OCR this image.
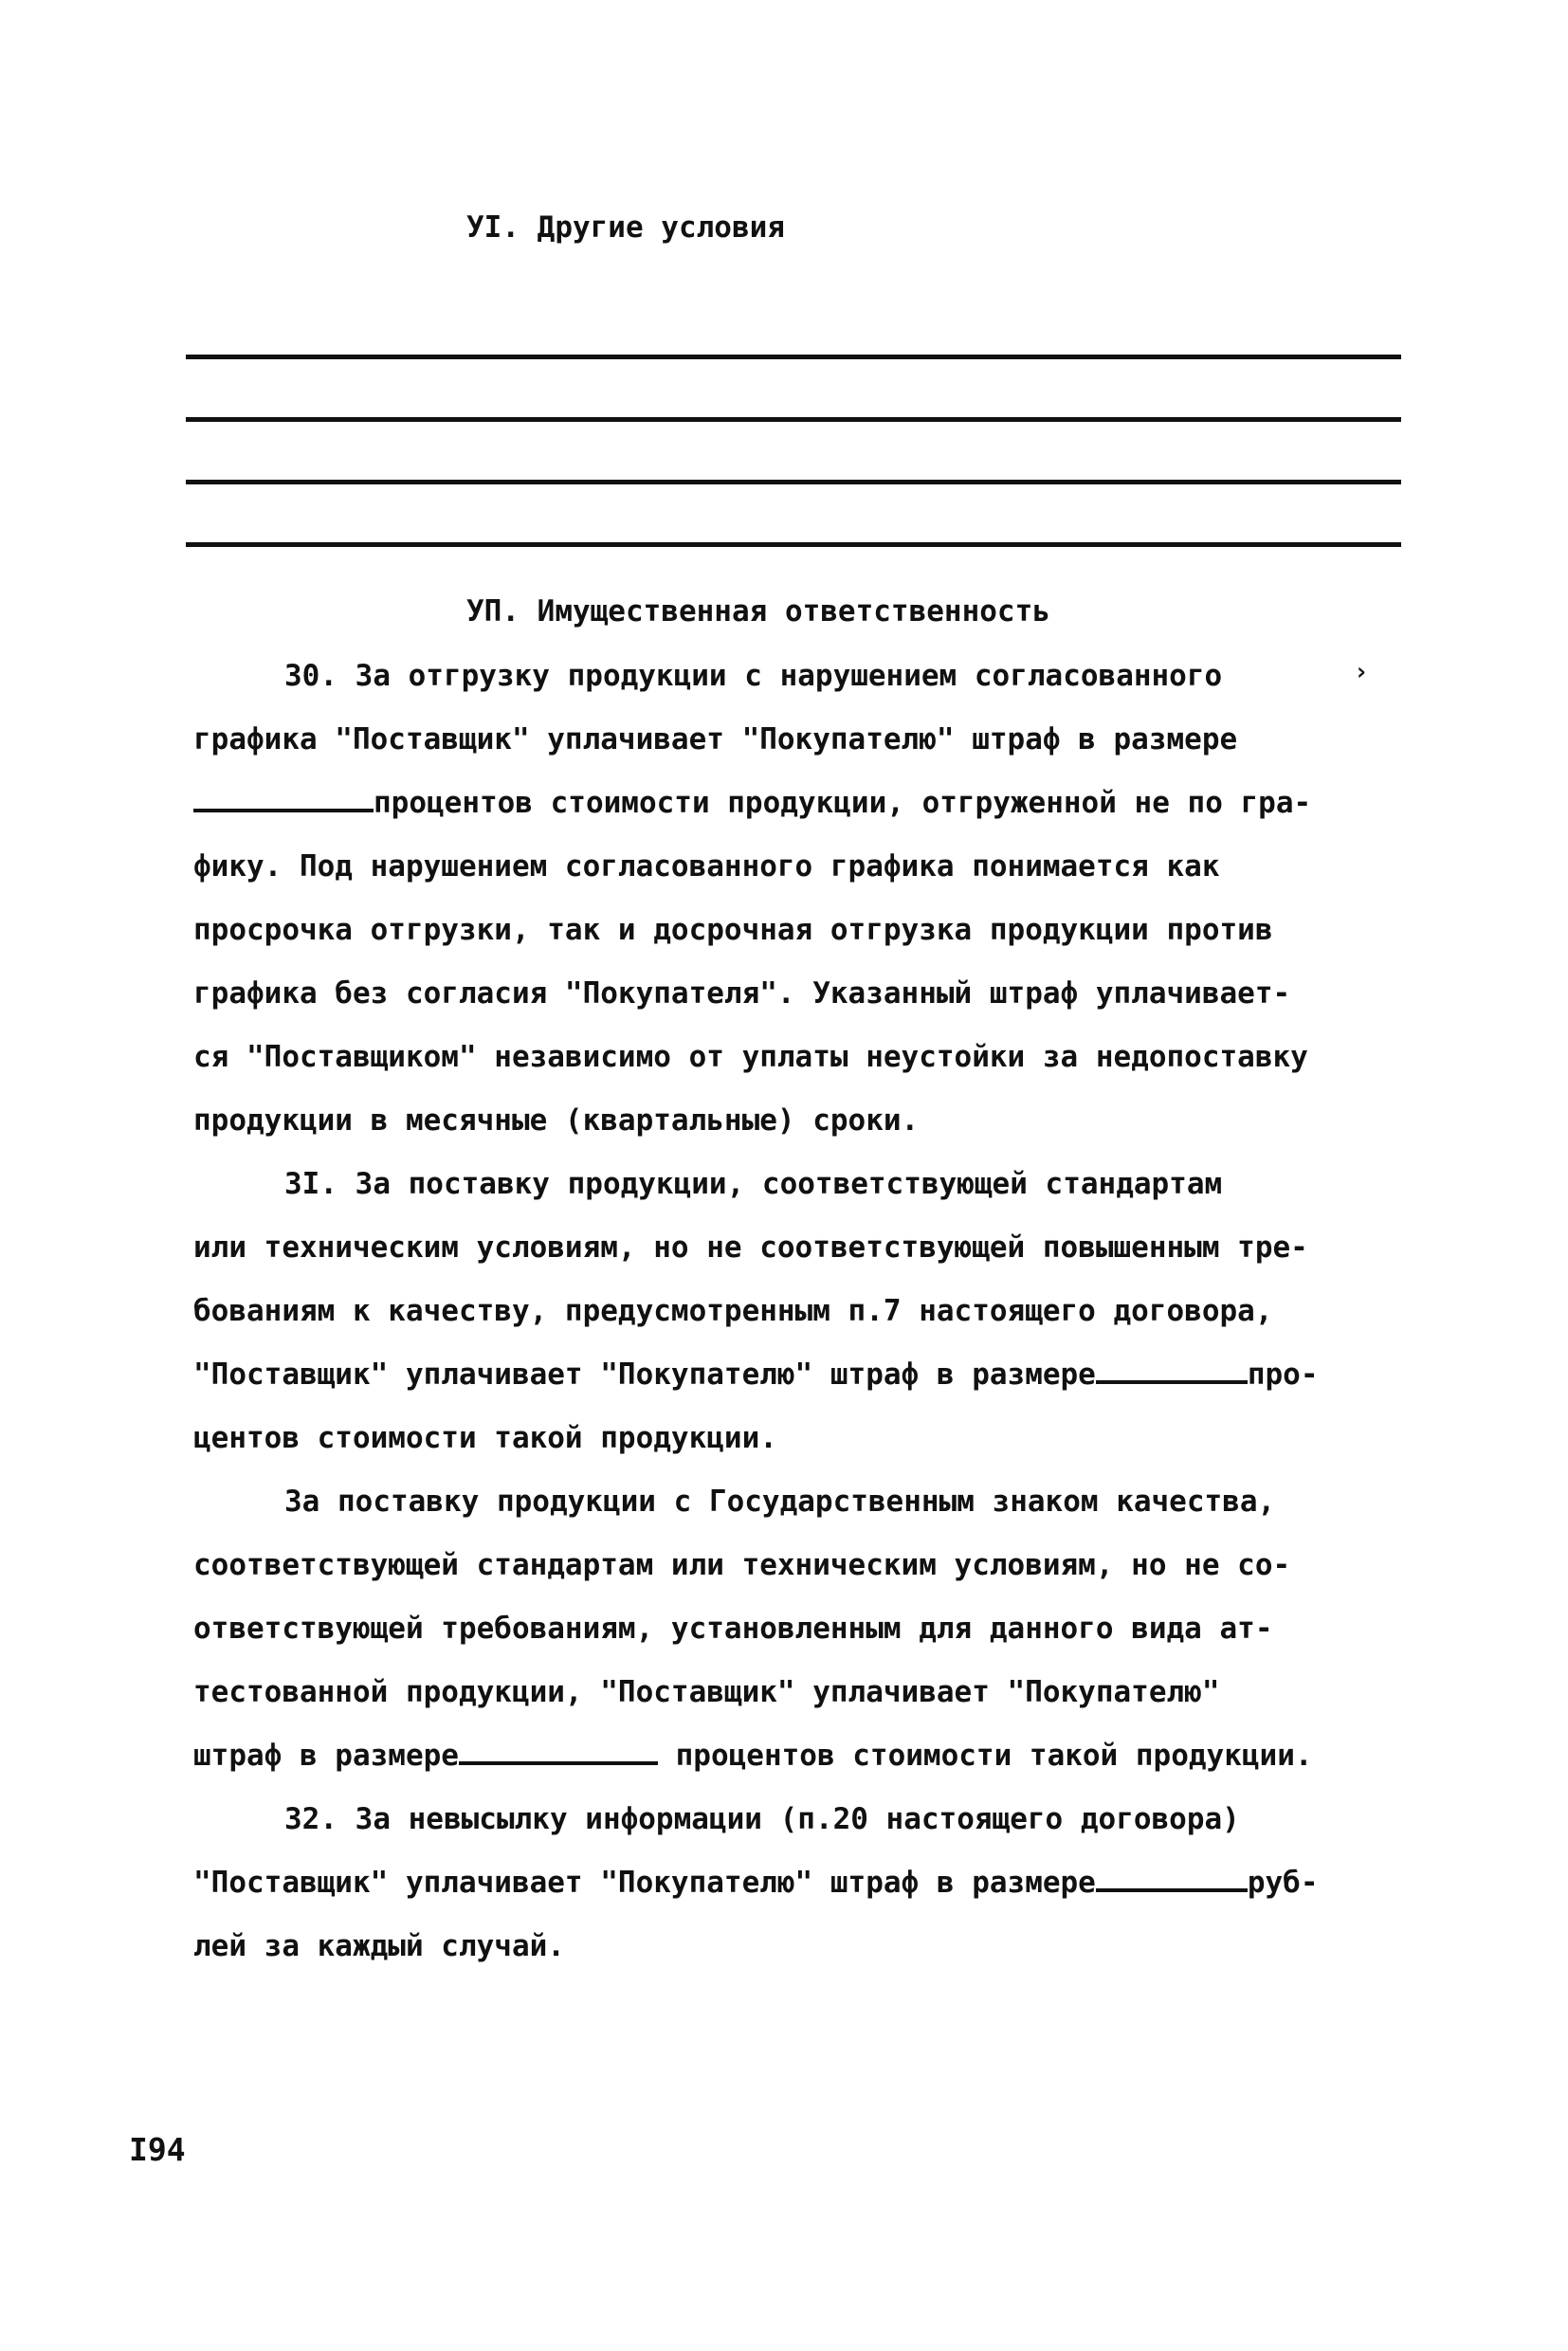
УI. Другие условия
УП. Имущественная ответственность
›
30. За отгрузку продукции с нарушением согласованного
графика "Поставщик" уплачивает "Покупателю" штраф в размере
процентов стоимости продукции, отгруженной не по гра-
фику. Под нарушением согласованного графика понимается как
просрочка отгрузки, так и досрочная отгрузка продукции против
графика без согласия "Покупателя". Указанный штраф уплачивает-
ся "Поставщиком" независимо от уплаты неустойки за недопоставку
продукции в месячные (квартальные) сроки.
3I. За поставку продукции, соответствующей стандартам
или техническим условиям, но не соответствующей повышенным тре-
бованиям к качеству, предусмотренным п.7 настоящего договора,
"Поставщик" уплачивает "Покупателю" штраф в размере	про-
центов стоимости такой продукции.
За поставку продукции с Государственным знаком качества,
соответствующей стандартам или техническим условиям, но не со-
ответствующей требованиям, установленным для данного вида ат-
тестованной продукции, "Поставщик" уплачивает "Покупателю"
штраф в размере	процентов стоимости такой продукции.
32. За невысылку информации (п.20 настоящего договора)
"Поставщик" уплачивает "Покупателю" штраф в размере	руб-
лей за каждый случай.
I94
